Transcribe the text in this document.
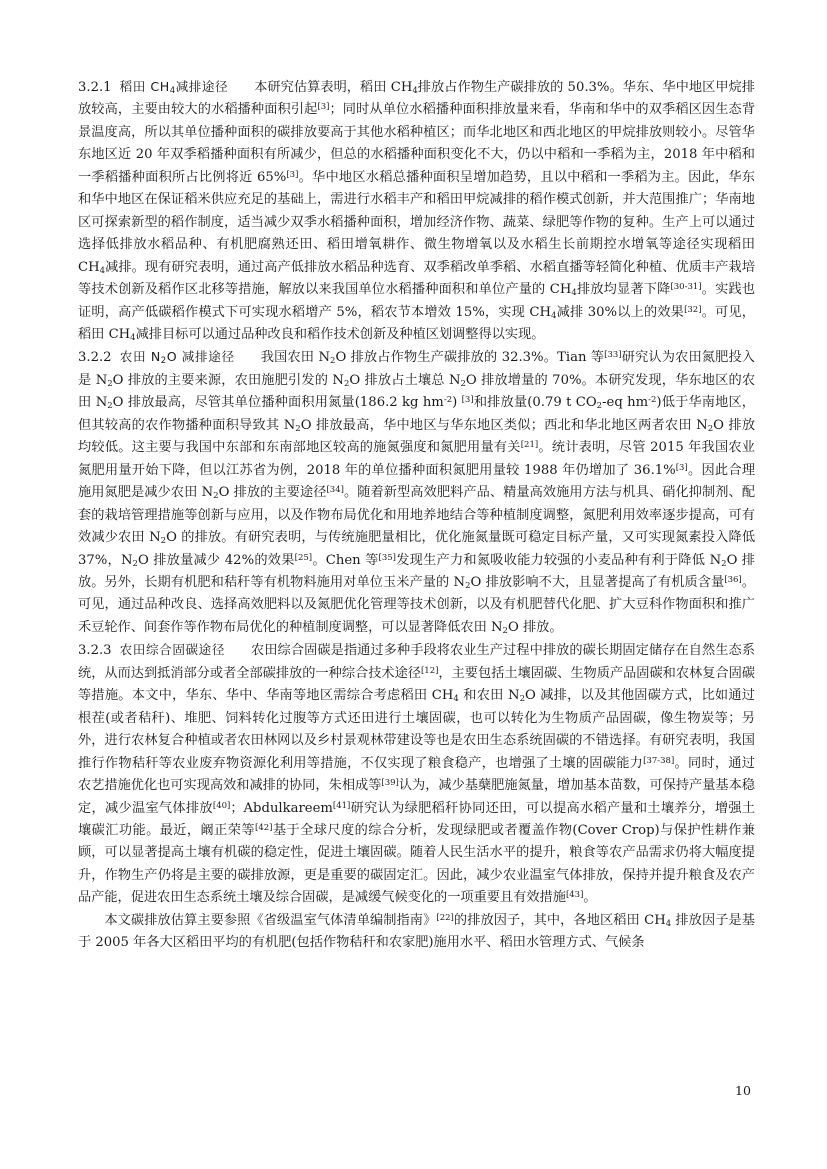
3.2.1 稻田 $CH_4$减排途径 本研究估算表明，稻田 $CH_4$排放占作物生产碳排放的 50.3%。华东、华中地区甲烷排放较高，主要由较大的水稻播种面积引起[3]；同时从单位水稻播种面积排放量来看，华南和华中的双季稻区因生态背景温度高，所以其单位播种面积的碳排放要高于其他水稻种植区；而华北地区和西北地区的甲烷排放则较小。尽管华东地区近 20 年双季稻播种面积有所减少，但总的水稻播种面积变化不大，仍以中稻和一季稻为主，2018 年中稻和一季稻播种面积所占比例将近 65%[3]。华中地区水稻总播种面积呈增加趋势，且以中稻和一季稻为主。因此，华东和华中地区在保证稻米供应充足的基础上，需进行水稻丰产和稻田甲烷减排的稻作模式创新，并大范围推广；华南地区可探索新型的稻作制度，适当减少双季水稻播种面积，增加经济作物、蔬菜、绿肥等作物的复种。生产上可以通过选择低排放水稻品种、有机肥腐熟还田、稻田增氧耕作、微生物增氧以及水稻生长前期控水增氧等途径实现稻田 $CH_4$减排。现有研究表明，通过高产低排放水稻品种选育、双季稻改单季稻、水稻直播等轻简化种植、优质丰产栽培等技术创新及稻作区北移等措施，解放以来我国单位水稻播种面积和单位产量的 $CH_4$排放均显著下降[30-31]。实践也证明，高产低碳稻作模式下可实现水稻增产 5%，稻农节本增效 15%，实现 $CH_4$减排 30%以上的效果[32]。可见，稻田 $CH_4$减排目标可以通过品种改良和稻作技术创新及种植区划调整得以实现。

3.2.2 农田 $N_2O$ 减排途径 我国农田 $N_2O$ 排放占作物生产碳排放的 32.3%。Tian 等[33]研究认为农田氮肥投入是 $N_2O$ 排放的主要来源，农田施肥引发的 $N_2O$ 排放占土壤总 $N_2O$ 排放增量的 70%。本研究发现，华东地区的农田 $N_2O$ 排放最高，尽管其单位播种面积用氮量(186.2 kg $hm^{-2}$) [3]和排放量(0.79 t $CO_2-eq$ $hm^{-2}$)低于华南地区，但其较高的农作物播种面积导致其 $N_2O$ 排放最高，华中地区与华东地区类似；西北和华北地区两者农田 $N_2O$ 排放均较低。这主要与我国中东部和东南部地区较高的施氮强度和氮肥用量有关[21]。统计表明，尽管 2015 年我国农业氮肥用量开始下降，但以江苏省为例，2018 年的单位播种面积氮肥用量较 1988 年仍增加了 36.1%[3]。因此合理施用氮肥是减少农田 $N_2O$ 排放的主要途径[34]。随着新型高效肥料产品、精量高效施用方法与机具、硝化抑制剂、配套的栽培管理措施等创新与应用，以及作物布局优化和用地养地结合等种植制度调整，氮肥利用效率逐步提高，可有效减少农田 $N_2O$ 的排放。有研究表明，与传统施肥量相比，优化施氮量既可稳定目标产量，又可实现氮素投入降低 37%，$N_2O$ 排放量减少 42%的效果[25]。Chen 等[35]发现生产力和氮吸收能力较强的小麦品种有利于降低 $N_2O$ 排放。另外，长期有机肥和秸秆等有机物料施用对单位玉米产量的 $N_2O$ 排放影响不大，且显著提高了有机质含量[36]。可见，通过品种改良、选择高效肥料以及氮肥优化管理等技术创新，以及有机肥替代化肥、扩大豆科作物面积和推广禾豆轮作、间套作等作物布局优化的种植制度调整，可以显著降低农田 $N_2O$ 排放。

3.2.3 农田综合固碳途径 农田综合固碳是指通过多种手段将农业生产过程中排放的碳长期固定储存在自然生态系统，从而达到抵消部分或者全部碳排放的一种综合技术途径[12]，主要包括土壤固碳、生物质产品固碳和农林复合固碳等措施。本文中，华东、华中、华南等地区需综合考虑稻田 $CH_4$ 和农田 $N_2O$ 减排，以及其他固碳方式，比如通过根茬(或者秸秆)、堆肥、饲料转化过腹等方式还田进行土壤固碳，也可以转化为生物质产品固碳，像生物炭等；另外，进行农林复合种植或者农田林网以及乡村景观林带建设等也是农田生态系统固碳的不错选择。有研究表明，我国推行作物秸秆等农业废弃物资源化利用等措施，不仅实现了粮食稳产，也增强了土壤的固碳能力[37-38]。同时，通过农艺措施优化也可实现高效和减排的协同，朱相成等[39]认为，减少基蘖肥施氮量，增加基本苗数，可保持产量基本稳定，减少温室气体排放[40]；Abdulkareem[41]研究认为绿肥稻秆协同还田，可以提高水稻产量和土壤养分，增强土壤碳汇功能。最近，阚正荣等[42]基于全球尺度的综合分析，发现绿肥或者覆盖作物(Cover Crop)与保护性耕作兼顾，可以显著提高土壤有机碳的稳定性，促进土壤固碳。随着人民生活水平的提升，粮食等农产品需求仍将大幅度提升，作物生产仍将是主要的碳排放源，更是重要的碳固定汇。因此，减少农业温室气体排放，保持并提升粮食及农产品产能，促进农田生态系统土壤及综合固碳，是减缓气候变化的一项重要且有效措施[43]。

本文碳排放估算主要参照《省级温室气体清单编制指南》[22]的排放因子，其中，各地区稻田 $CH_4$ 排放因子是基于 2005 年各大区稻田平均的有机肥(包括作物秸秆和农家肥)施用水平、稻田水管理方式、气候条

10
